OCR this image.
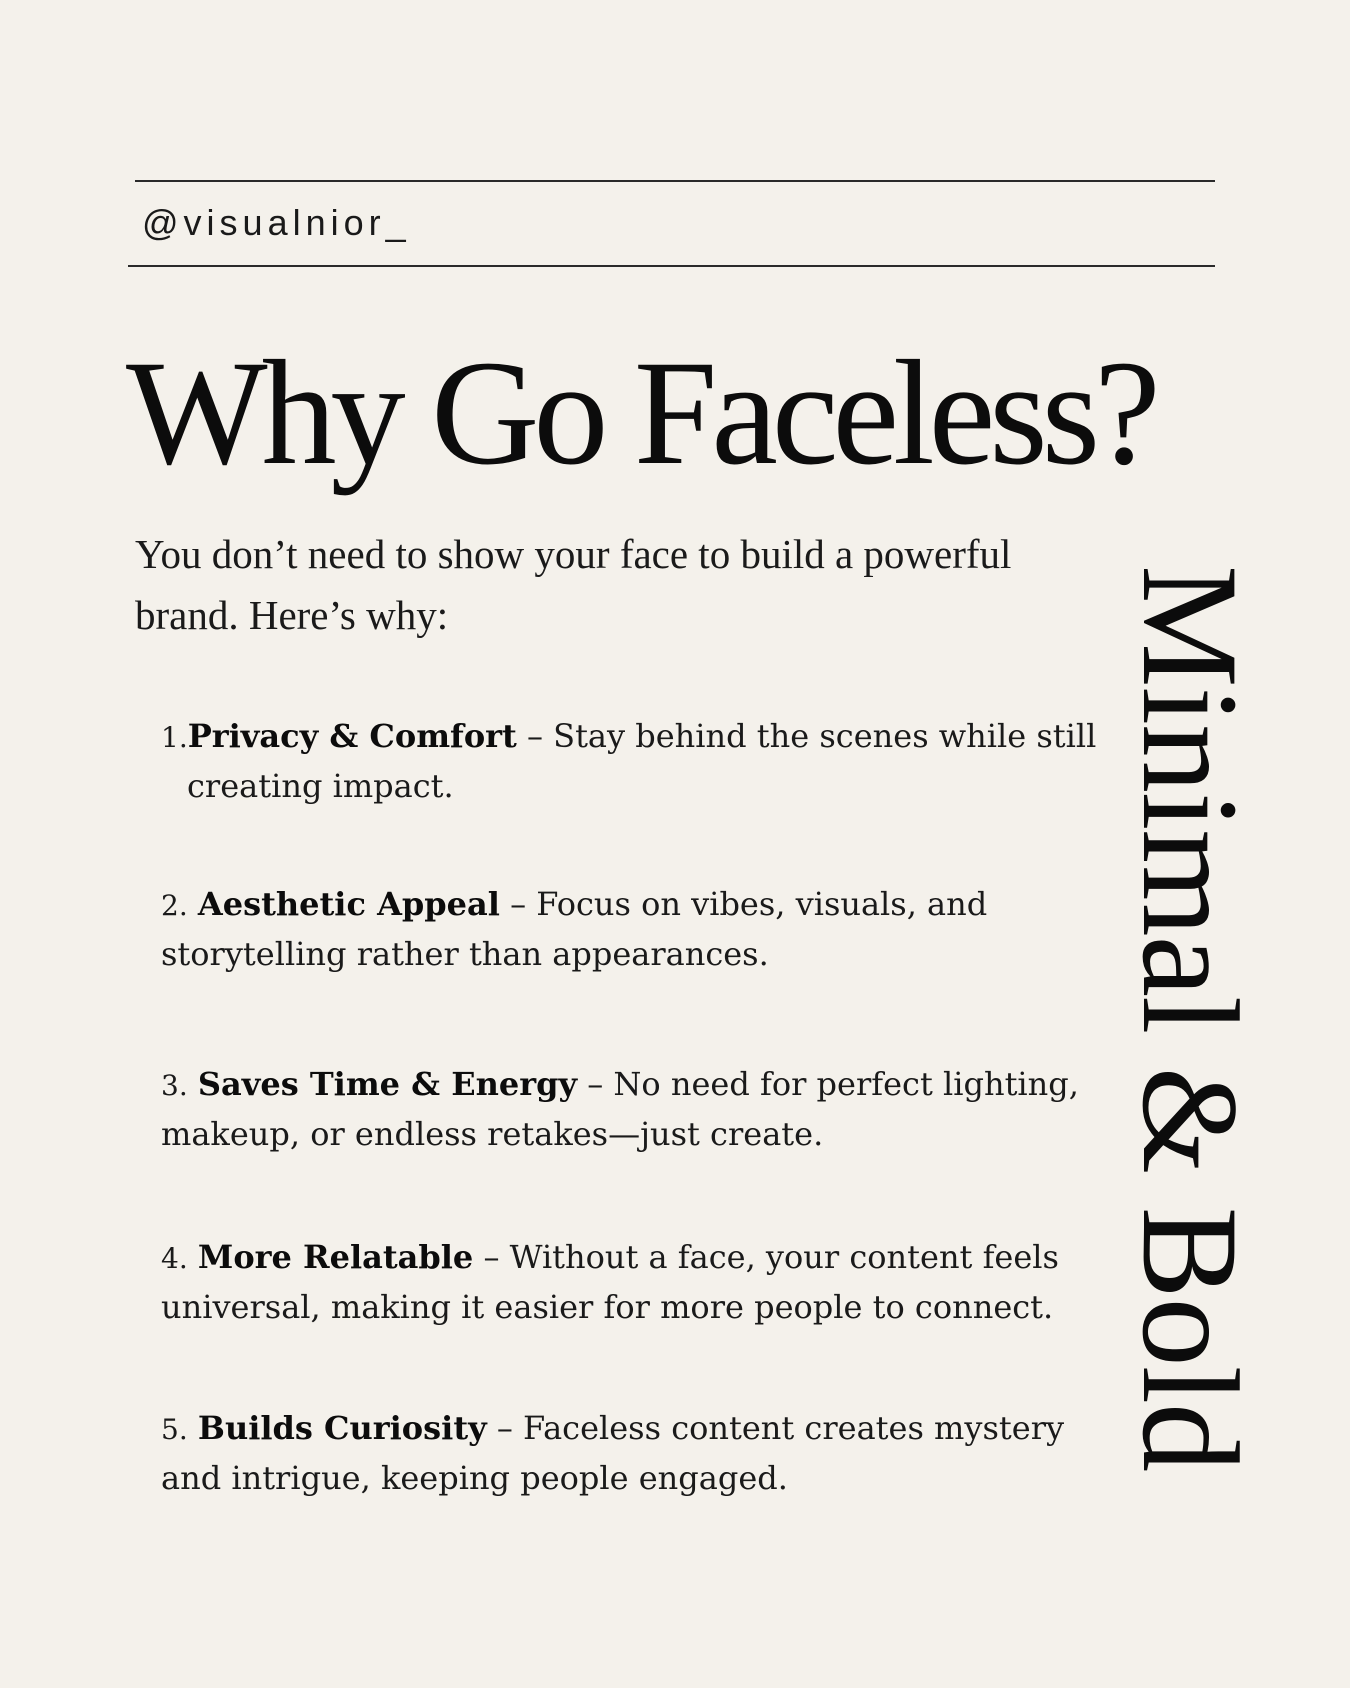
@visualnior_
Why Go Faceless?

You don’t need to show your face to build a powerful brand. Here’s why:

1.Privacy & Comfort – Stay behind the scenes while still creating impact.

2. Aesthetic Appeal – Focus on vibes, visuals, and storytelling rather than appearances.

3. Saves Time & Energy – No need for perfect lighting, makeup, or endless retakes—just create.

4. More Relatable – Without a face, your content feels universal, making it easier for more people to connect.

5. Builds Curiosity – Faceless content creates mystery and intrigue, keeping people engaged.

Minimal & Bold
